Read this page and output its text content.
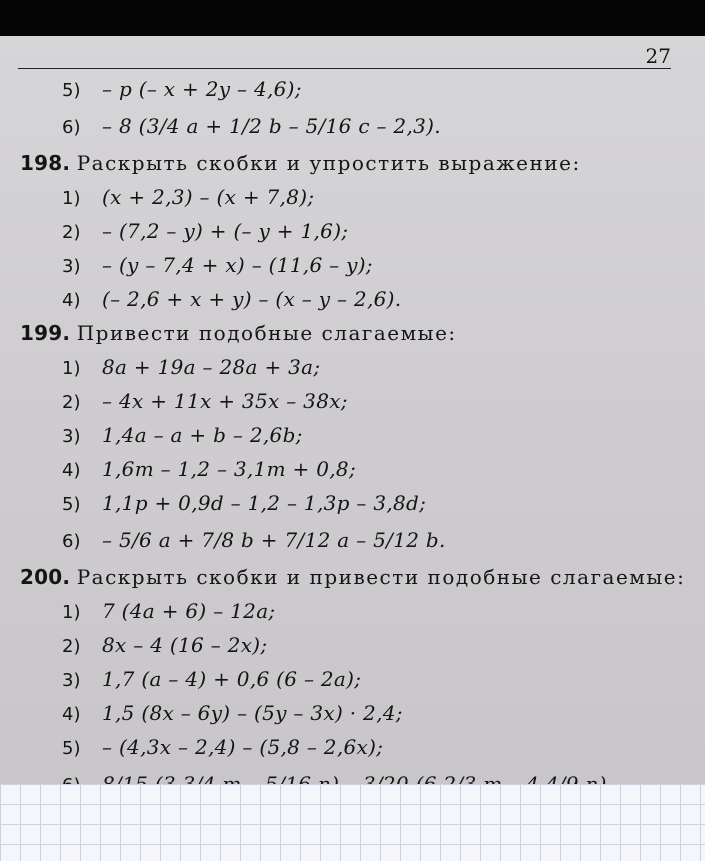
27
5) – p (– x + 2y – 4,6);
6) – 8 (3/4 a + 1/2 b – 5/16 c – 2,3).
198. Раскрыть скобки и упростить выражение:
1) (x + 2,3) – (x + 7,8);
2) – (7,2 – y) + (– y + 1,6);
3) – (y – 7,4 + x) – (11,6 – y);
4) (– 2,6 + x + y) – (x – y – 2,6).
199. Привести подобные слагаемые:
1) 8a + 19a – 28a + 3a;
2) – 4x + 11x + 35x – 38x;
3) 1,4a – a + b – 2,6b;
4) 1,6m – 1,2 – 3,1m + 0,8;
5) 1,1p + 0,9d – 1,2 – 1,3p – 3,8d;
6) – 5/6 a + 7/8 b + 7/12 a – 5/12 b.
200. Раскрыть скобки и привести подобные слагаемые:
1) 7 (4a + 6) – 12a;
2) 8x – 4 (16 – 2x);
3) 1,7 (a – 4) + 0,6 (6 – 2a);
4) 1,5 (8x – 6y) – (5y – 3x) · 2,4;
5) – (4,3x – 2,4) – (5,8 – 2,6x);
